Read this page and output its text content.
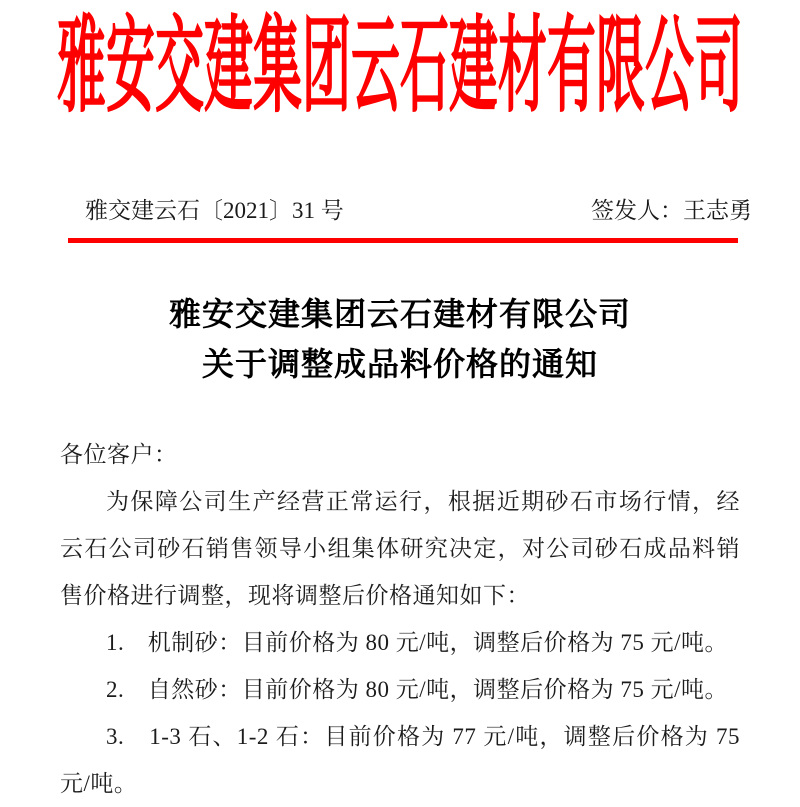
雅安交建集团云石建材有限公司
雅交建云石〔2021〕31 号	签发人：王志勇
雅安交建集团云石建材有限公司
关于调整成品料价格的通知

各位客户：

为保障公司生产经营正常运行，根据近期砂石市场行情，经云石公司砂石销售领导小组集体研究决定，对公司砂石成品料销售价格进行调整，现将调整后价格通知如下：

1.　机制砂：目前价格为 80 元/吨，调整后价格为 75 元/吨。

2.　自然砂：目前价格为 80 元/吨，调整后价格为 75 元/吨。

3.　1-3 石、1-2 石：目前价格为 77 元/吨，调整后价格为 75 元/吨。
